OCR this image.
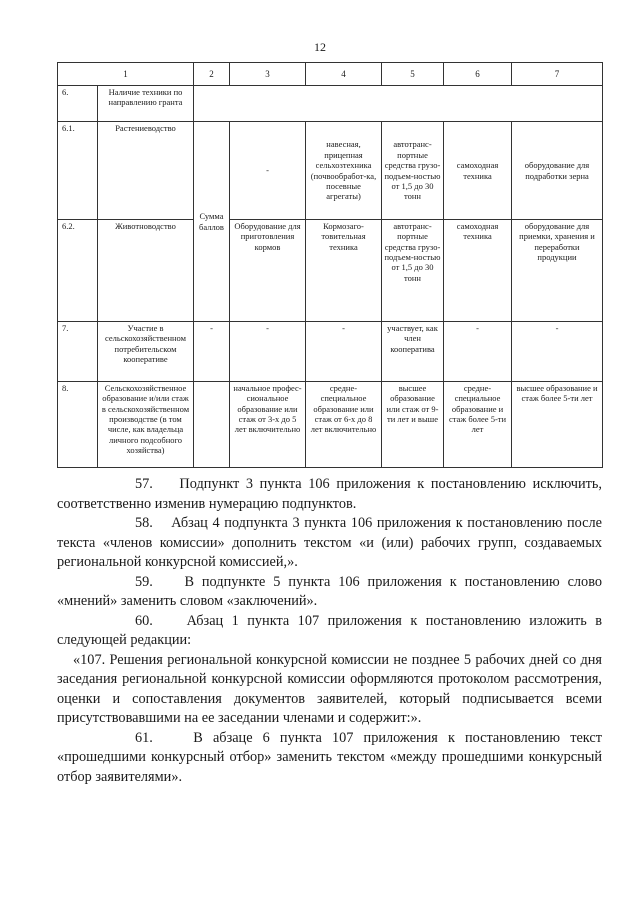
12
1		2	3	4	5	6	7
6.	Наличие техники по направлению гранта						
6.1.	Растениеводство	Сумма баллов	-	навесная, прицепная сельхозтехника (почвообработ-ка, посевные агрегаты)	автотранс-портные средства грузо-подъем-ностью от 1,5 до 30 тонн	самоходная техника	оборудование для подработки зерна
6.2.	Животноводство		Оборудование для приготовления кормов	Кормозаго-товительная техника	автотранс-портные средства грузо-подъем-ностью от 1,5 до 30 тонн	самоходная техника	оборудование для приемки, хранения и переработки продукции
7.	Участие в сельскохозяйственном потребительском кооперативе	-	-	-	участвует, как член кооператива	-	-
8.	Сельскохозяйственное образование и/или стаж в сельскохозяйственном производстве (в том числе, как владельца личного подсобного хозяйства)		начальное профес-сиональное образование или стаж от 3-х до 5 лет включительно	средне-специальное образование или стаж от 6-х до 8 лет включительно	высшее образование или стаж от 9-ти лет и выше	средне-специальное образование и стаж более 5-ти лет	высшее образование и стаж более 5-ти лет

57.    Подпункт 3 пункта 106 приложения к постановлению исключить, соответственно изменив нумерацию подпунктов.

58.    Абзац 4 подпункта 3 пункта 106 приложения к постановлению после текста «членов комиссии» дополнить текстом «и (или) рабочих групп, создаваемых региональной конкурсной комиссией,».

59.    В подпункте 5 пункта 106 приложения к постановлению слово «мнений» заменить словом «заключений».

60.    Абзац 1 пункта 107 приложения к постановлению изложить в следующей редакции:

«107. Решения региональной конкурсной комиссии не позднее 5 рабочих дней со дня заседания региональной конкурсной комиссии оформляются протоколом рассмотрения, оценки и сопоставления документов заявителей, который подписывается всеми присутствовавшими на ее заседании членами и содержит:».

61.    В абзаце 6 пункта 107 приложения к постановлению текст «прошедшими конкурсный отбор» заменить текстом «между прошедшими конкурсный отбор заявителями».
